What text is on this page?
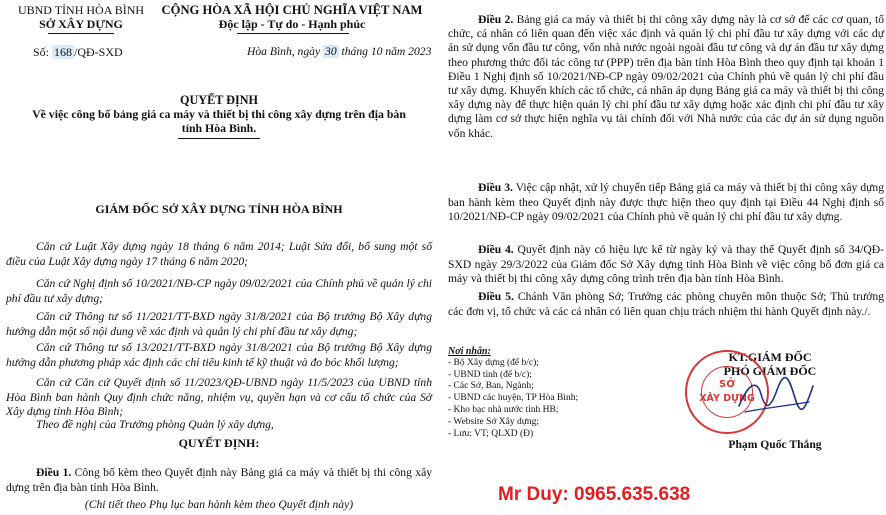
UBND TỈNH HÒA BÌNH
SỞ XÂY DỰNG
Số: 168 /QĐ-SXD
CỘNG HÒA XÃ HỘI CHỦ NGHĨA VIỆT NAM
Độc lập - Tự do - Hạnh phúc
Hòa Bình, ngày 30 tháng 10 năm 2023
QUYẾT ĐỊNH
Về việc công bố bảng giá ca máy và thiết bị thi công xây dựng trên địa bàn
tỉnh Hòa Bình.
GIÁM ĐỐC SỞ XÂY DỰNG TỈNH HÒA BÌNH
Căn cứ Luật Xây dựng ngày 18 tháng 6 năm 2014; Luật Sửa đổi, bổ sung một số điều của Luật Xây dựng ngày 17 tháng 6 năm 2020;
Căn cứ Nghị định số 10/2021/NĐ-CP ngày 09/02/2021 của Chính phủ về quản lý chi phí đầu tư xây dựng;
Căn cứ Thông tư số 11/2021/TT-BXD ngày 31/8/2021 của Bộ trưởng Bộ Xây dựng hướng dẫn một số nội dung về xác định và quản lý chi phí đầu tư xây dựng;
Căn cứ Thông tư số 13/2021/TT-BXD ngày 31/8/2021 của Bộ trưởng Bộ Xây dựng hướng dẫn phương pháp xác định các chỉ tiêu kinh tế kỹ thuật và đo bóc khối lượng;
Căn cứ Căn cứ Quyết định số 11/2023/QĐ-UBND ngày 11/5/2023 của UBND tỉnh Hòa Bình ban hành Quy định chức năng, nhiệm vụ, quyền hạn và cơ cấu tổ chức của Sở Xây dựng tỉnh Hòa Bình;
Theo đề nghị của Trưởng phòng Quản lý xây dựng,
QUYẾT ĐỊNH:
Điều 1. Công bố kèm theo Quyết định này Bảng giá ca máy và thiết bị thi công xây dựng trên địa bàn tỉnh Hòa Bình.
(Chi tiết theo Phụ lục ban hành kèm theo Quyết định này)
Điều 2. Bảng giá ca máy và thiết bị thi công xây dựng này là cơ sở để các cơ quan, tổ chức, cá nhân có liên quan đến việc xác định và quản lý chi phí đầu tư xây dựng với các dự án sử dụng vốn đầu tư công, vốn nhà nước ngoài ngoài đầu tư công và dự án đầu tư xây dựng theo phương thức đối tác công tư (PPP) trên địa bàn tỉnh Hòa Bình theo quy định tại khoản 1 Điều 1 Nghị định số 10/2021/NĐ-CP ngày 09/02/2021 của Chính phủ về quản lý chi phí đầu tư xây dựng. Khuyến khích các tổ chức, cá nhân áp dụng Bảng giá ca máy và thiết bị thi công xây dựng này để thực hiện quản lý chi phí đầu tư xây dựng hoặc xác định chi phí đầu tư xây dựng làm cơ sở thực hiện nghĩa vụ tài chính đối với Nhà nước của các dự án sử dụng nguồn vốn khác.
Điều 3. Việc cập nhật, xử lý chuyển tiếp Bảng giá ca máy và thiết bị thi công xây dựng ban hành kèm theo Quyết định này được thực hiện theo quy định tại Điều 44 Nghị định số 10/2021/NĐ-CP ngày 09/02/2021 của Chính phủ về quản lý chi phí đầu tư xây dựng.
Điều 4. Quyết định này có hiệu lực kể từ ngày ký và thay thế Quyết định số 34/QĐ-SXD ngày 29/3/2022 của Giám đốc Sở Xây dựng tỉnh Hòa Bình về việc công bố đơn giá ca máy và thiết bị thi công xây dựng công trình trên địa bàn tỉnh Hòa Bình.
Điều 5. Chánh Văn phòng Sở; Trưởng các phòng chuyên môn thuộc Sở; Thủ trưởng các đơn vị, tổ chức và các cá nhân có liên quan chịu trách nhiệm thi hành Quyết định này./.
Nơi nhận:
- Bộ Xây dựng (để b/c);
- UBND tỉnh (để b/c);
- Các Sở, Ban, Ngành;
- UBND các huyện, TP Hòa Bình;
- Kho bạc nhà nước tỉnh HB;
- Website Sở Xây dựng;
- Lưu: VT; QLXD (Đ)
KT.GIÁM ĐỐC
PHÓ GIÁM ĐỐC
SỞ
XÂY DỰNG
Phạm Quốc Thắng
Mr Duy: 0965.635.638
